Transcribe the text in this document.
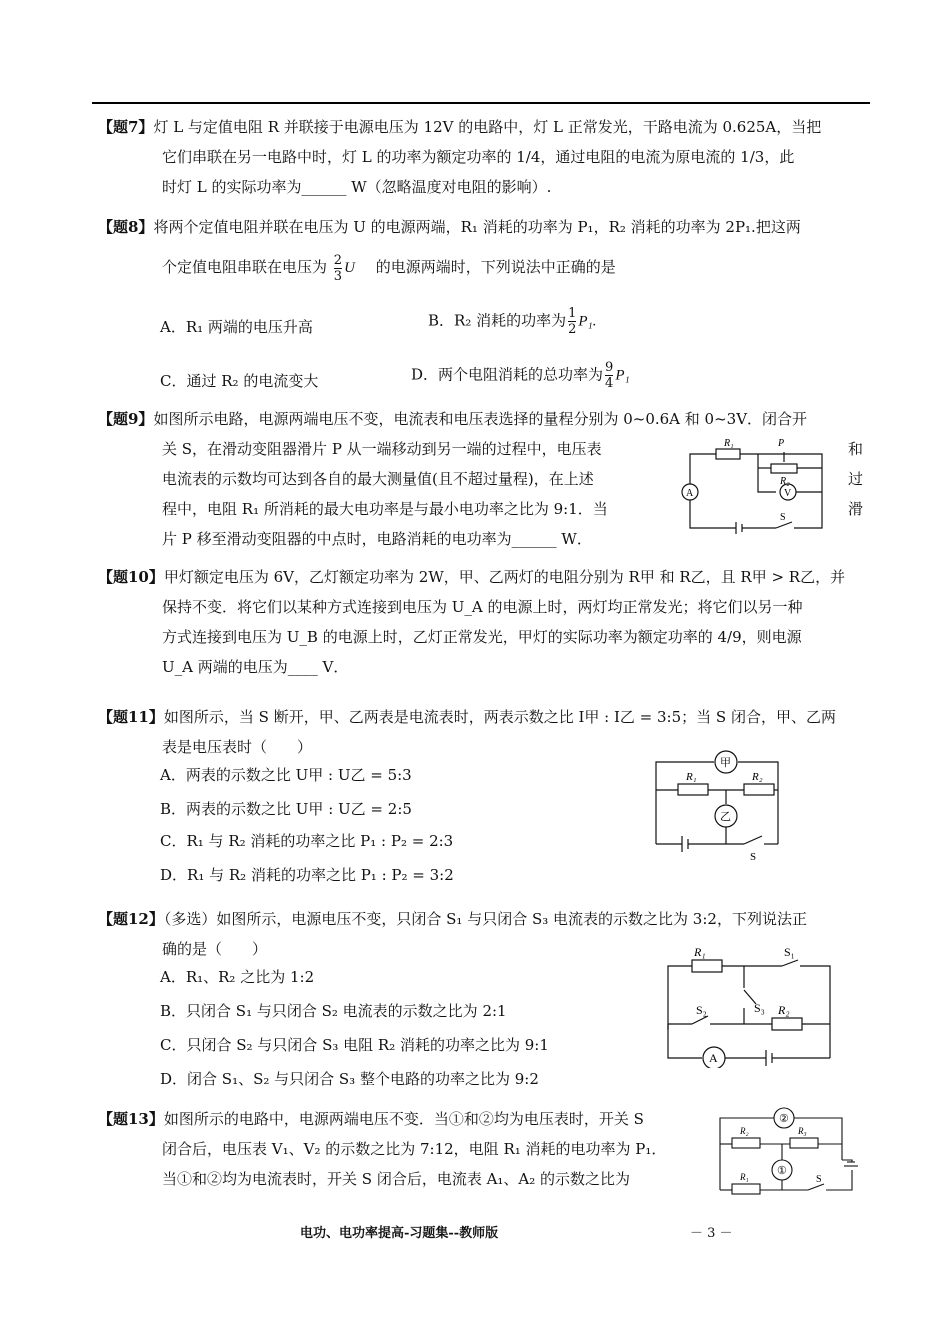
【题7】灯 L 与定值电阻 R 并联接于电源电压为 12V 的电路中，灯 L 正常发光，干路电流为 0.625A，当把
它们串联在另一电路中时，灯 L 的功率为额定功率的 1/4，通过电阻的电流为原电流的 1/3，此
时灯 L 的实际功率为______ W（忽略温度对电阻的影响）.
【题8】将两个定值电阻并联在电压为 U 的电源两端，R₁ 消耗的功率为 P₁，R₂ 消耗的功率为 2P₁.把这两
个定值电阻串联在电压为 $\frac{2}{3}$ U 的电源两端时，下列说法中正确的是
A．R₁ 两端的电压升高	B．R₂ 消耗的功率为 $\frac{1}{2} P_1$.
C．通过 R₂ 的电流变大	D．两个电阻消耗的总功率为 $\frac{9}{4} P_1$
【题9】如图所示电路，电源两端电压不变，电流表和电压表选择的量程分别为 0~0.6A 和 0~3V．闭合开
关 S，在滑动变阻器滑片 P 从一端移动到另一端的过程中，电压表	和
电流表的示数均可达到各自的最大测量值(且不超过量程)，在上述	过
程中，电阻 R₁ 所消耗的最大电功率是与最小电功率之比为 9:1．当	滑
片 P 移至滑动变阻器的中点时，电路消耗的电功率为______ W．
R₁	P
R₂
A	V
S
【题10】甲灯额定电压为 6V，乙灯额定功率为 2W，甲、乙两灯的电阻分别为 R甲 和 R乙，且 R甲 > R乙，并
保持不变．将它们以某种方式连接到电压为 U_A 的电源上时，两灯均正常发光；将它们以另一种
方式连接到电压为 U_B 的电源上时，乙灯正常发光，甲灯的实际功率为额定功率的 4/9，则电源
U_A 两端的电压为____ V．
【题11】如图所示，当 S 断开，甲、乙两表是电流表时，两表示数之比 I甲 : I乙 = 3:5；当 S 闭合，甲、乙两
表是电压表时（　　）
A．两表的示数之比 U甲 : U乙 = 5:3
B．两表的示数之比 U甲 : U乙 = 2:5
C．R₁ 与 R₂ 消耗的功率之比 P₁ : P₂ = 2:3
D．R₁ 与 R₂ 消耗的功率之比 P₁ : P₂ = 3:2
甲
乙
R₁	R₂
S
【题12】（多选）如图所示，电源电压不变，只闭合 S₁ 与只闭合 S₃ 电流表的示数之比为 3:2，下列说法正
确的是（　　）
A．R₁、R₂ 之比为 1:2
B．只闭合 S₁ 与只闭合 S₂ 电流表的示数之比为 2:1
C．只闭合 S₂ 与只闭合 S₃ 电阻 R₂ 消耗的功率之比为 9:1
D．闭合 S₁、S₂ 与只闭合 S₃ 整个电路的功率之比为 9:2
R₁	S₁
S₃
S₂	R₂
A
【题13】如图所示的电路中，电源两端电压不变．当①和②均为电压表时，开关 S
闭合后，电压表 V₁、V₂ 的示数之比为 7:12，电阻 R₁ 消耗的电功率为 P₁．
当①和②均为电流表时，开关 S 闭合后，电流表 A₁、A₂ 的示数之比为
②
①
R₂	R₃
R₁	S
电功、电功率提高-习题集--教师版	－ 3 －
